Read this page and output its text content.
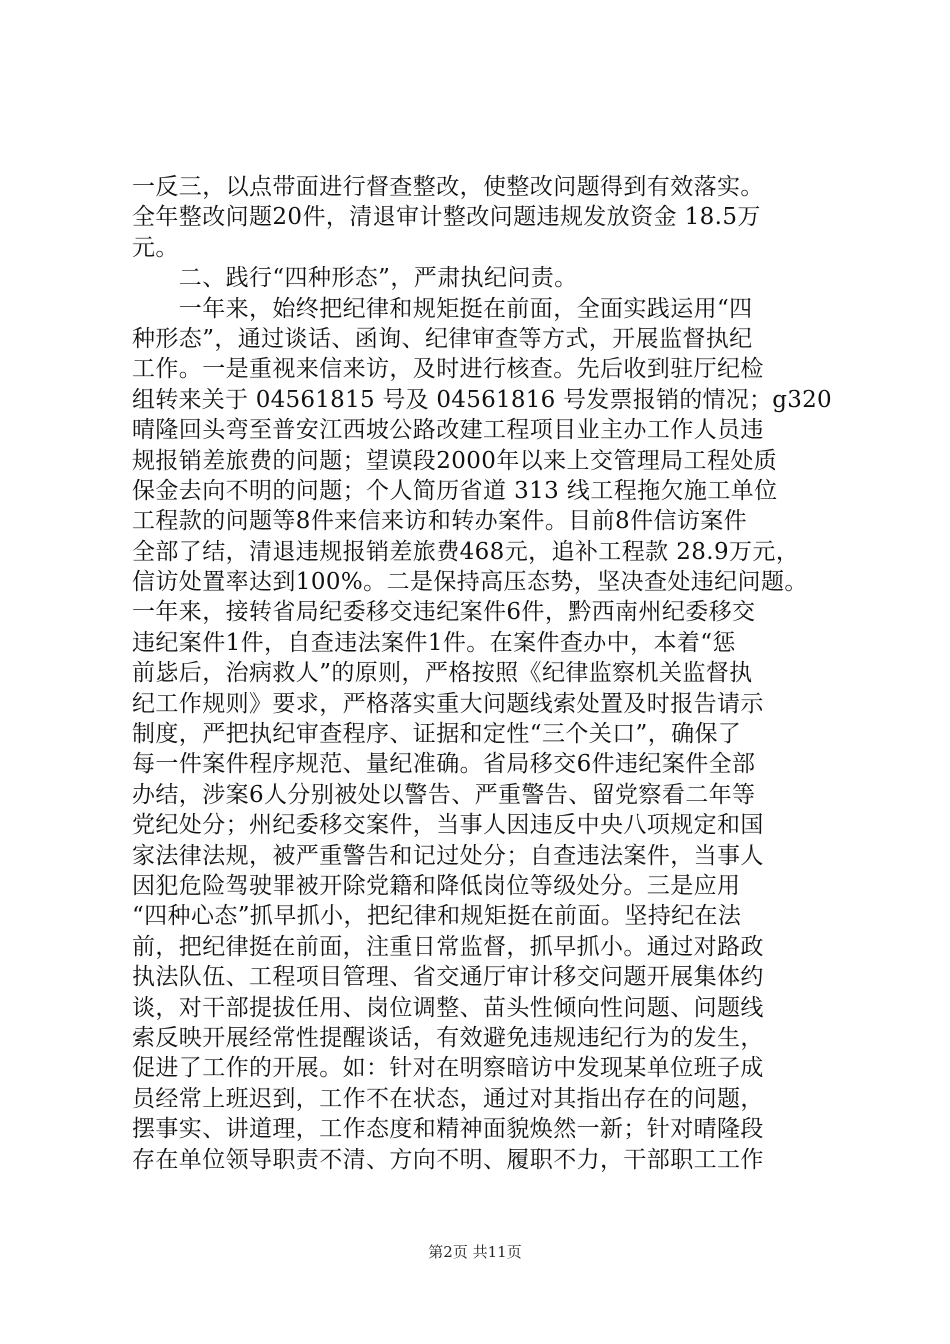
一反三，以点带面进行督查整改，使整改问题得到有效落实。
全年整改问题20件，清退审计整改问题违规发放资金 18.5万
元。
　　二、践行“四种形态”，严肃执纪问责。
　　一年来，始终把纪律和规矩挺在前面，全面实践运用“四
种形态”，通过谈话、函询、纪律审查等方式，开展监督执纪
工作。一是重视来信来访，及时进行核查。先后收到驻厅纪检
组转来关于 04561815 号及 04561816 号发票报销的情况；g320
晴隆回头弯至普安江西坡公路改建工程项目业主办工作人员违
规报销差旅费的问题；望谟段2000年以来上交管理局工程处质
保金去向不明的问题；个人简历省道 313 线工程拖欠施工单位
工程款的问题等8件来信来访和转办案件。目前8件信访案件
全部了结，清退违规报销差旅费468元，追补工程款 28.9万元，
信访处置率达到100%。二是保持高压态势，坚决查处违纪问题。
一年来，接转省局纪委移交违纪案件6件，黔西南州纪委移交
违纪案件1件，自查违法案件1件。在案件查办中，本着“惩
前毖后，治病救人”的原则，严格按照《纪律监察机关监督执
纪工作规则》要求，严格落实重大问题线索处置及时报告请示
制度，严把执纪审查程序、证据和定性“三个关口”，确保了
每一件案件程序规范、量纪准确。省局移交6件违纪案件全部
办结，涉案6人分别被处以警告、严重警告、留党察看二年等
党纪处分；州纪委移交案件，当事人因违反中央八项规定和国
家法律法规，被严重警告和记过处分；自查违法案件，当事人
因犯危险驾驶罪被开除党籍和降低岗位等级处分。三是应用
“四种心态”抓早抓小，把纪律和规矩挺在前面。坚持纪在法
前，把纪律挺在前面，注重日常监督，抓早抓小。通过对路政
执法队伍、工程项目管理、省交通厅审计移交问题开展集体约
谈，对干部提拔任用、岗位调整、苗头性倾向性问题、问题线
索反映开展经常性提醒谈话，有效避免违规违纪行为的发生，
促进了工作的开展。如：针对在明察暗访中发现某单位班子成
员经常上班迟到，工作不在状态，通过对其指出存在的问题，
摆事实、讲道理，工作态度和精神面貌焕然一新；针对晴隆段
存在单位领导职责不清、方向不明、履职不力，干部职工工作
第2页 共11页
